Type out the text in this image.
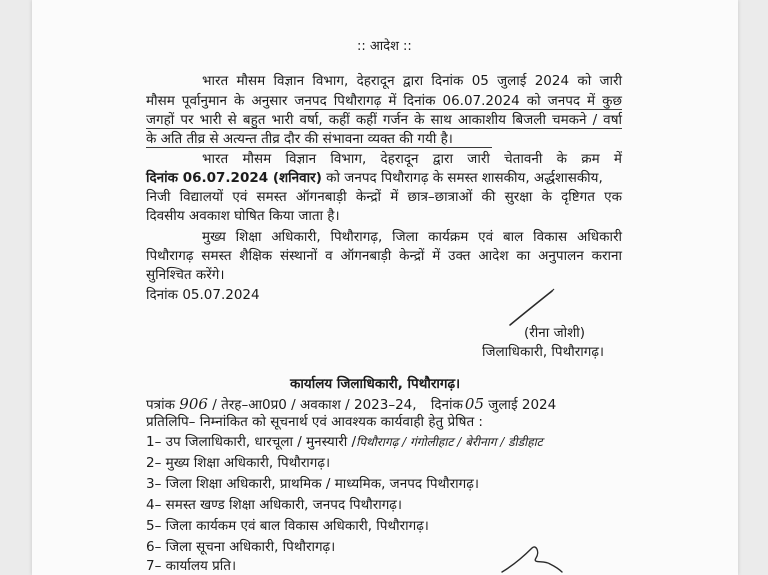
:: आदेश ::
भारत मौसम विज्ञान विभाग, देहरादून द्वारा दिनांक 05 जुलाई 2024 को जारी
मौसम पूर्वानुमान के अनुसार जनपद पिथौरागढ़ में दिनांक 06.07.2024 को जनपद में कुछ
जगहों पर भारी से बहुत भारी वर्षा, कहीं कहीं गर्जन के साथ आकाशीय बिजली चमकने / वर्षा
के अति तीव्र से अत्यन्त तीव्र दौर की संभावना व्यक्त की गयी है।
भारत मौसम विज्ञान विभाग, देहरादून द्वारा जारी चेतावनी के क्रम में
दिनांक 06.07.2024 (शनिवार) को जनपद पिथौरागढ़ के समस्त शासकीय, अर्द्धशासकीय,
निजी विद्यालयों एवं समस्त ऑगनबाड़ी केन्द्रों में छात्र–छात्राओं की सुरक्षा के दृष्टिगत एक
दिवसीय अवकाश घोषित किया जाता है।
मुख्य शिक्षा अधिकारी, पिथौरागढ़, जिला कार्यक्रम एवं बाल विकास अधिकारी
पिथौरागढ़ समस्त शैक्षिक संस्थानों व ऑगनबाड़ी केन्द्रों में उक्त आदेश का अनुपालन कराना
सुनिश्चित करेंगे।
दिनांक 05.07.2024
(रीना जोशी)
जिलाधिकारी, पिथौरागढ़।
कार्यालय जिलाधिकारी, पिथौरागढ़।
पत्रांक 906 / तेरह–आ0प्र0 / अवकाश / 2023–24, दिनांक 05 जुलाई 2024
प्रतिलिपि– निम्नांकित को सूचनार्थ एवं आवश्यक कार्यवाही हेतु प्रेषित :
1– उप जिलाधिकारी, धारचूला / मुनस्यारी /पिथौरागढ़ / गंगोलीहाट / बेरीनाग / डीडीहाट
2– मुख्य शिक्षा अधिकारी, पिथौरागढ़।
3– जिला शिक्षा अधिकारी, प्राथमिक / माध्यमिक, जनपद पिथौरागढ़।
4– समस्त खण्ड शिक्षा अधिकारी, जनपद पिथौरागढ़।
5– जिला कार्यकम एवं बाल विकास अधिकारी, पिथौरागढ़।
6– जिला सूचना अधिकारी, पिथौरागढ़।
7– कार्यालय प्रति।
